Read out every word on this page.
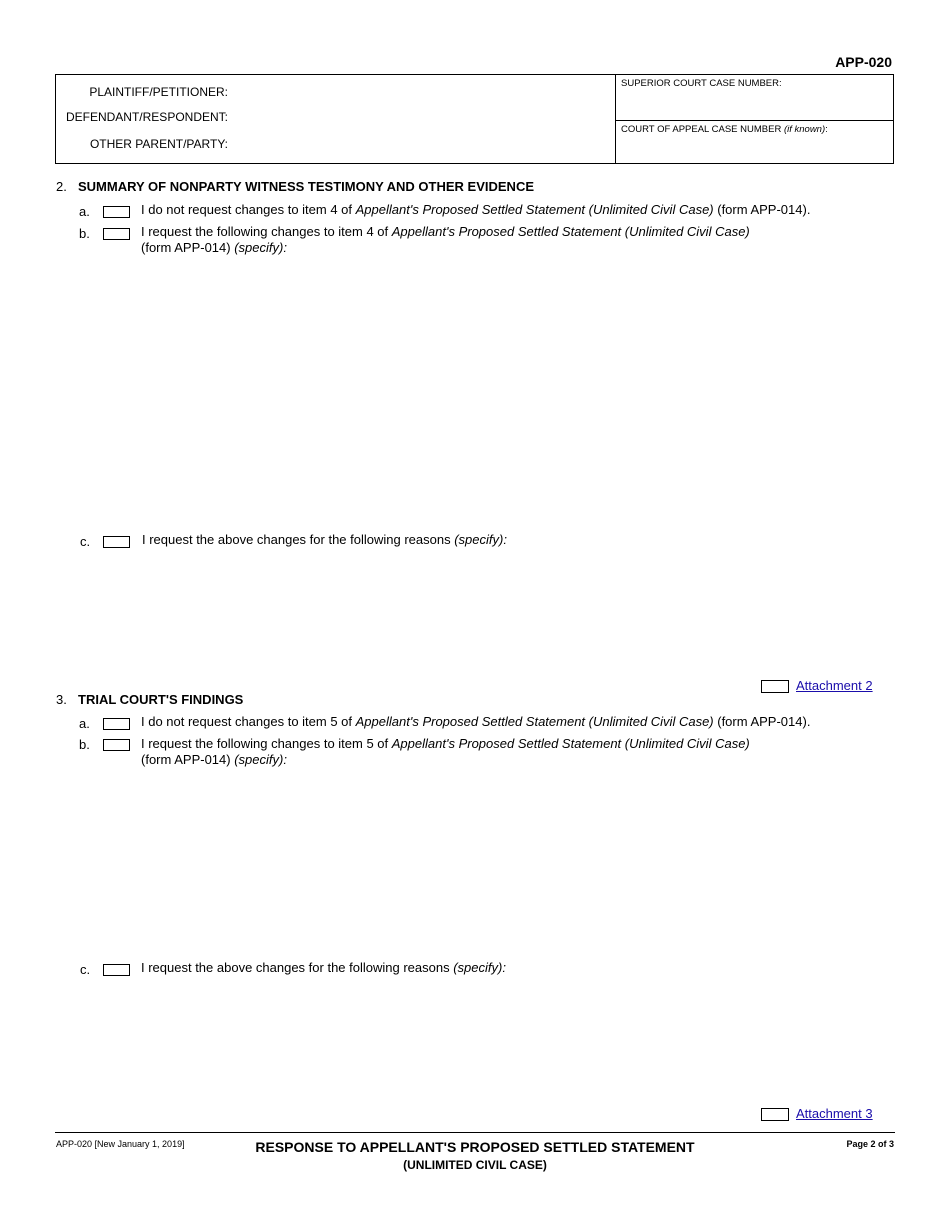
APP-020
PLAINTIFF/PETITIONER:
DEFENDANT/RESPONDENT:
OTHER PARENT/PARTY:
SUPERIOR COURT CASE NUMBER:
COURT OF APPEAL CASE NUMBER (if known):
2. SUMMARY OF NONPARTY WITNESS TESTIMONY AND OTHER EVIDENCE
a.	I do not request changes to item 4 of Appellant's Proposed Settled Statement (Unlimited Civil Case) (form APP-014).
b.	I request the following changes to item 4 of Appellant's Proposed Settled Statement (Unlimited Civil Case)
(form APP-014) (specify):
c.	I request the above changes for the following reasons (specify):
Attachment 2
3. TRIAL COURT'S FINDINGS
a.	I do not request changes to item 5 of Appellant's Proposed Settled Statement (Unlimited Civil Case) (form APP-014).
b.	I request the following changes to item 5 of Appellant's Proposed Settled Statement (Unlimited Civil Case)
(form APP-014) (specify):
c.	I request the above changes for the following reasons (specify):
Attachment 3
APP-020 [New January 1, 2019]	RESPONSE TO APPELLANT'S PROPOSED SETTLED STATEMENT
(UNLIMITED CIVIL CASE)
Page 2 of 3
